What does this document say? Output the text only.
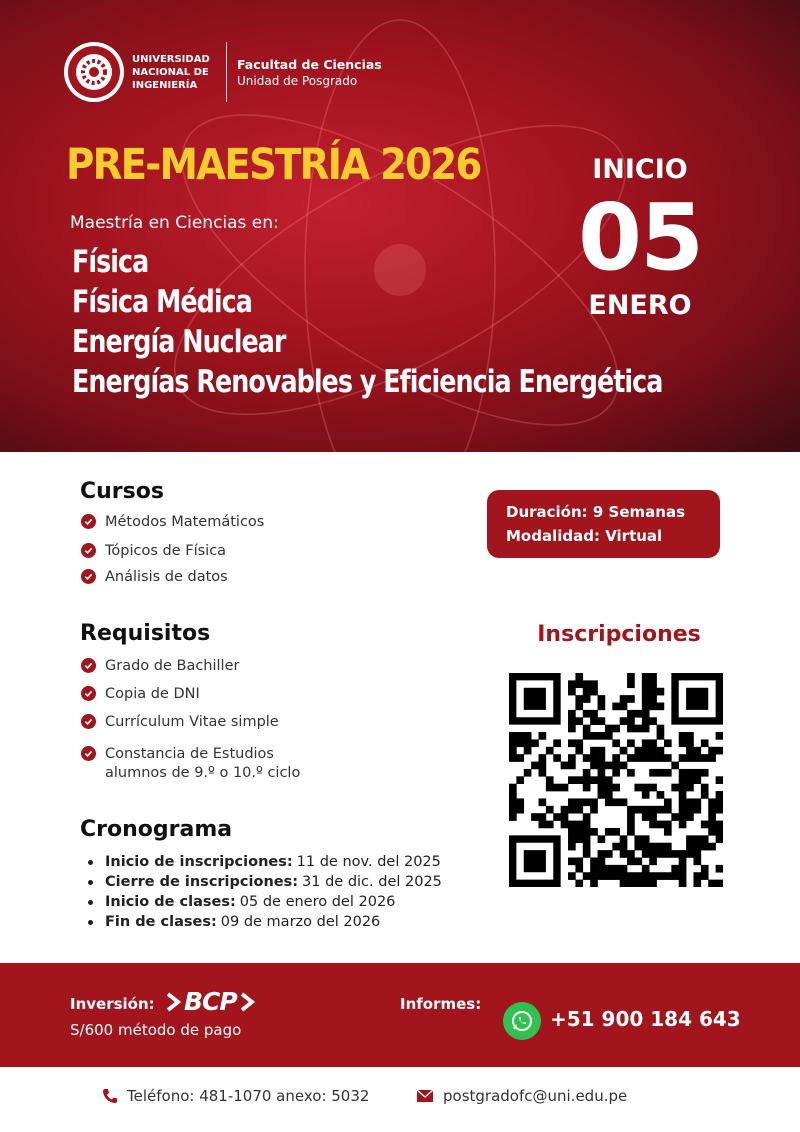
UNIVERSIDAD NACIONAL DE INGENIERÍA
Facultad de Ciencias
Unidad de Posgrado
PRE-MAESTRÍA 2026
Maestría en Ciencias en:
Física
Física Médica
Energía Nuclear
Energías Renovables y Eficiencia Energética
INICIO
05
ENERO
Cursos
Métodos Matemáticos
Tópicos de Física
Análisis de datos
Requisitos
Grado de Bachiller
Copia de DNI
Currículum Vitae simple
Constancia de Estudios
alumnos de 9.º o 10.º ciclo
Cronograma
Inicio de inscripciones: 11 de nov. del 2025
Cierre de inscripciones: 31 de dic. del 2025
Inicio de clases: 05 de enero del 2026
Fin de clases: 09 de marzo del 2026
Duración: 9 Semanas
Modalidad: Virtual
Inscripciones
Inversión: BCP
S/600 método de pago
Informes:
+51 900 184 643
Teléfono: 481-1070 anexo: 5032	postgradofc@uni.edu.pe
